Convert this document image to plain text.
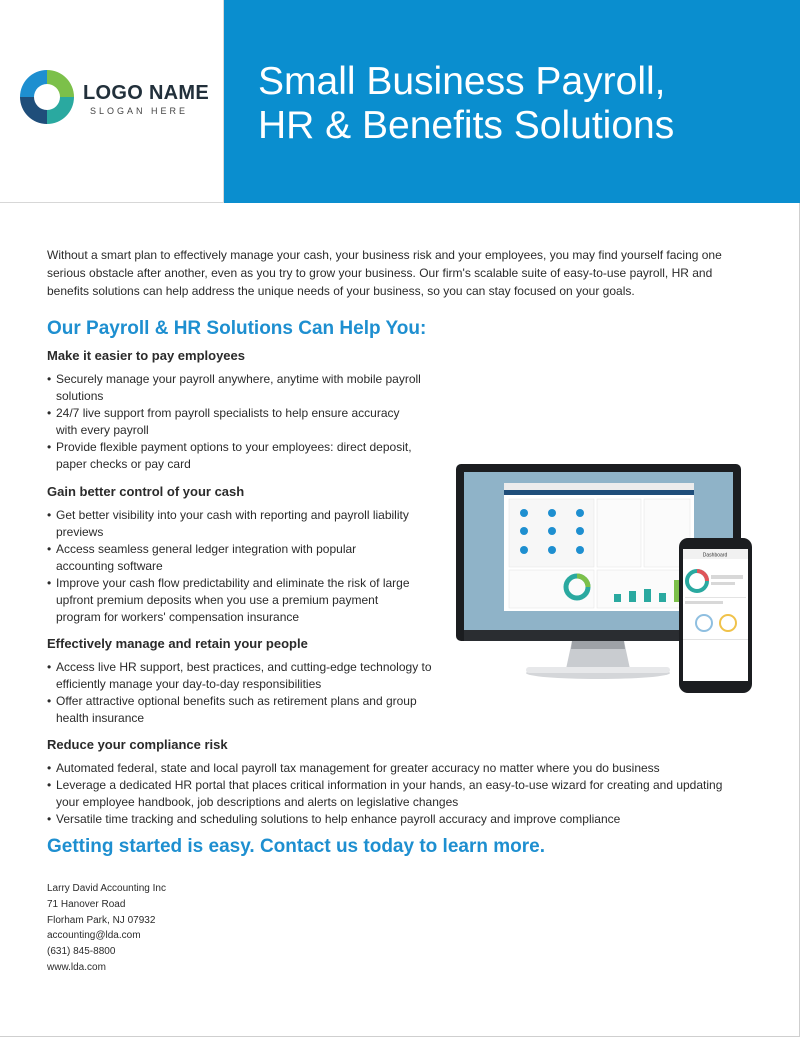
LOGO NAME
SLOGAN HERE
Small Business Payroll,
HR & Benefits Solutions

Without a smart plan to effectively manage your cash, your business risk and your employees, you may find yourself facing one serious obstacle after another, even as you try to grow your business. Our firm's scalable suite of easy-to-use payroll, HR and benefits solutions can help address the unique needs of your business, so you can stay focused on your goals.

Our Payroll & HR Solutions Can Help You:
Make it easier to pay employees
• Securely manage your payroll anywhere, anytime with mobile payroll solutions
• 24/7 live support from payroll specialists to help ensure accuracy with every payroll
• Provide flexible payment options to your employees: direct deposit, paper checks or pay card
Gain better control of your cash
• Get better visibility into your cash with reporting and payroll liability previews
• Access seamless general ledger integration with popular accounting software
• Improve your cash flow predictability and eliminate the risk of large upfront premium deposits when you use a premium payment program for workers' compensation insurance
Effectively manage and retain your people
• Access live HR support, best practices, and cutting-edge technology to efficiently manage your day-to-day responsibilities
• Offer attractive optional benefits such as retirement plans and group health insurance
Reduce your compliance risk
• Automated federal, state and local payroll tax management for greater accuracy no matter where you do business
• Leverage a dedicated HR portal that places critical information in your hands, an easy-to-use wizard for creating and updating your employee handbook, job descriptions and alerts on legislative changes
• Versatile time tracking and scheduling solutions to help enhance payroll accuracy and improve compliance
Getting started is easy. Contact us today to learn more.
Larry David Accounting Inc
71 Hanover Road
Florham Park, NJ 07932
accounting@lda.com
(631) 845-8800
www.lda.com
Dashboard
